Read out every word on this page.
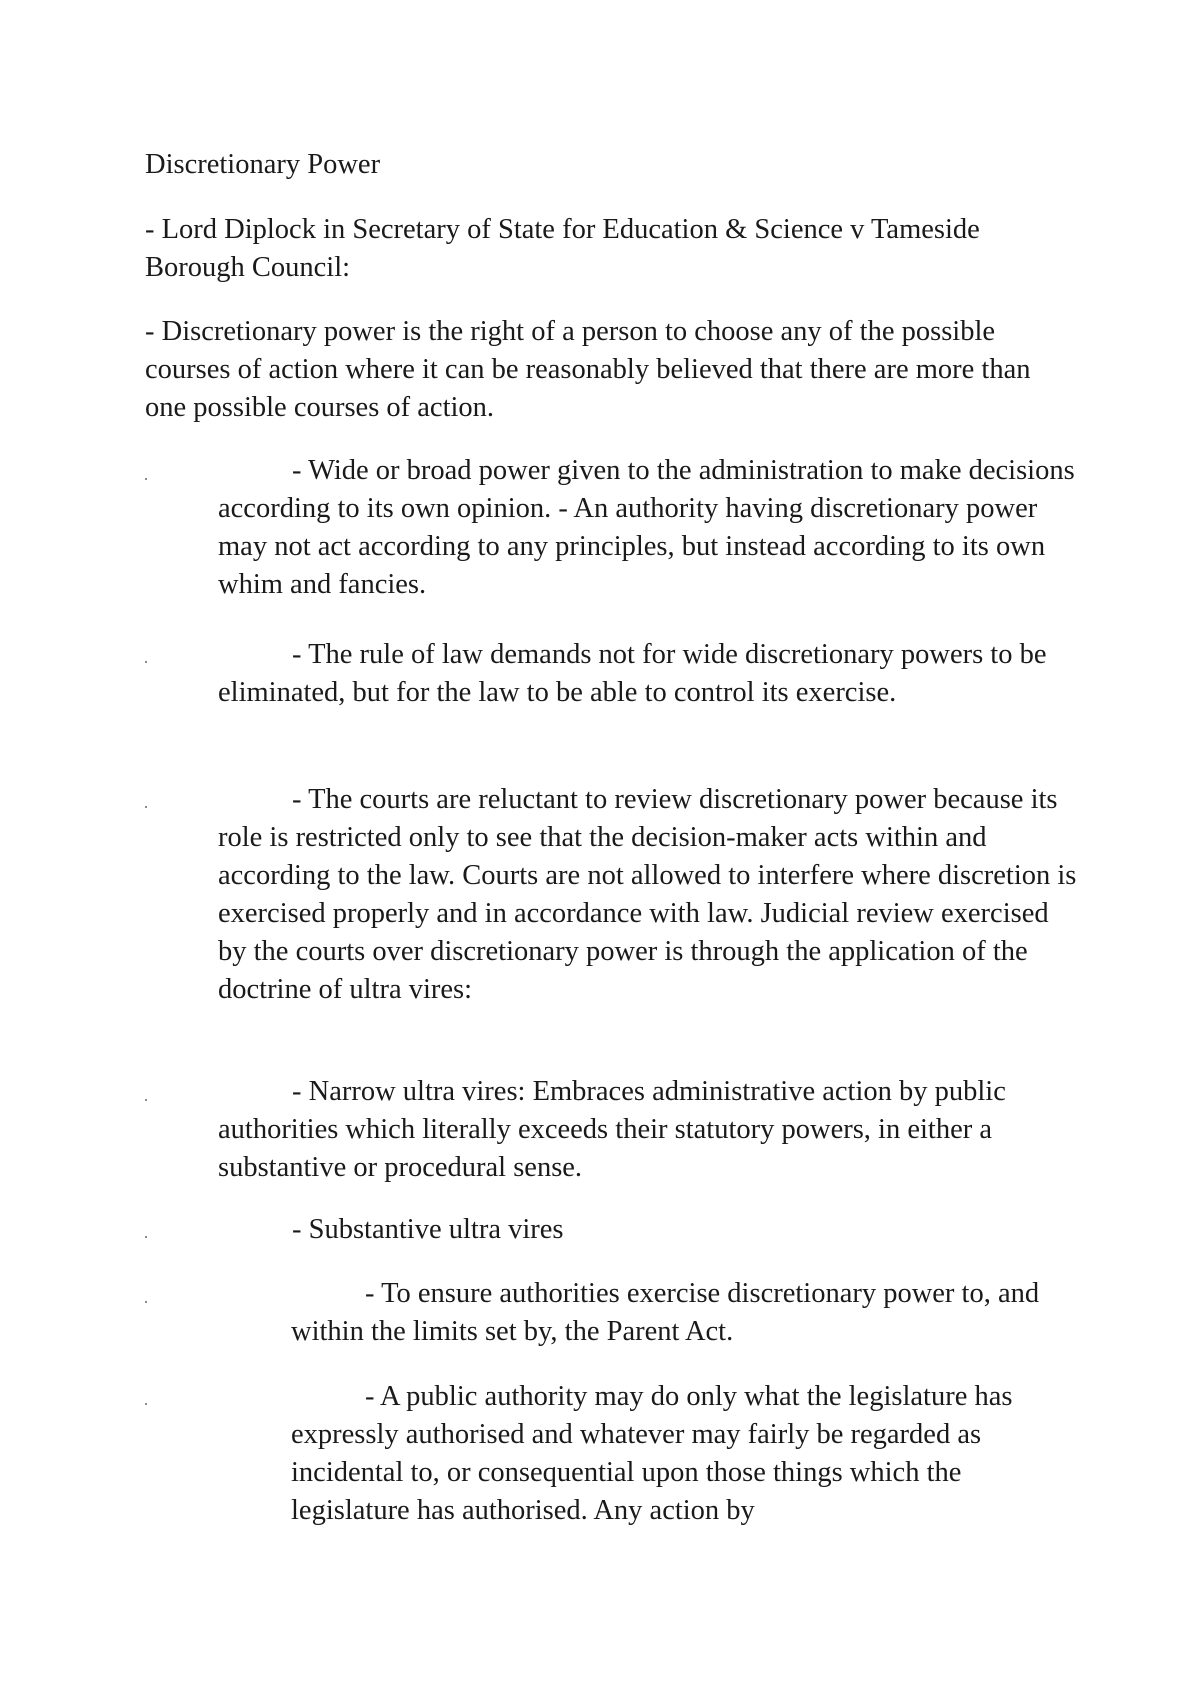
Discretionary Power

- Lord Diplock in Secretary of State for Education & Science v Tameside Borough Council:

- Discretionary power is the right of a person to choose any of the possible courses of action where it can be reasonably believed that there are more than one possible courses of action.

- Wide or broad power given to the administration to make decisions according to its own opinion. - An authority having discretionary power may not act according to any principles, but instead according to its own whim and fancies.

- The rule of law demands not for wide discretionary powers to be eliminated, but for the law to be able to control its exercise.

- The courts are reluctant to review discretionary power because its role is restricted only to see that the decision-maker acts within and according to the law. Courts are not allowed to interfere where discretion is exercised properly and in accordance with law. Judicial review exercised by the courts over discretionary power is through the application of the doctrine of ultra vires:

- Narrow ultra vires: Embraces administrative action by public authorities which literally exceeds their statutory powers, in either a substantive or procedural sense.

- Substantive ultra vires

- To ensure authorities exercise discretionary power to, and within the limits set by, the Parent Act.

- A public authority may do only what the legislature has expressly authorised and whatever may fairly be regarded as incidental to, or consequential upon those things which the legislature has authorised. Any action by
